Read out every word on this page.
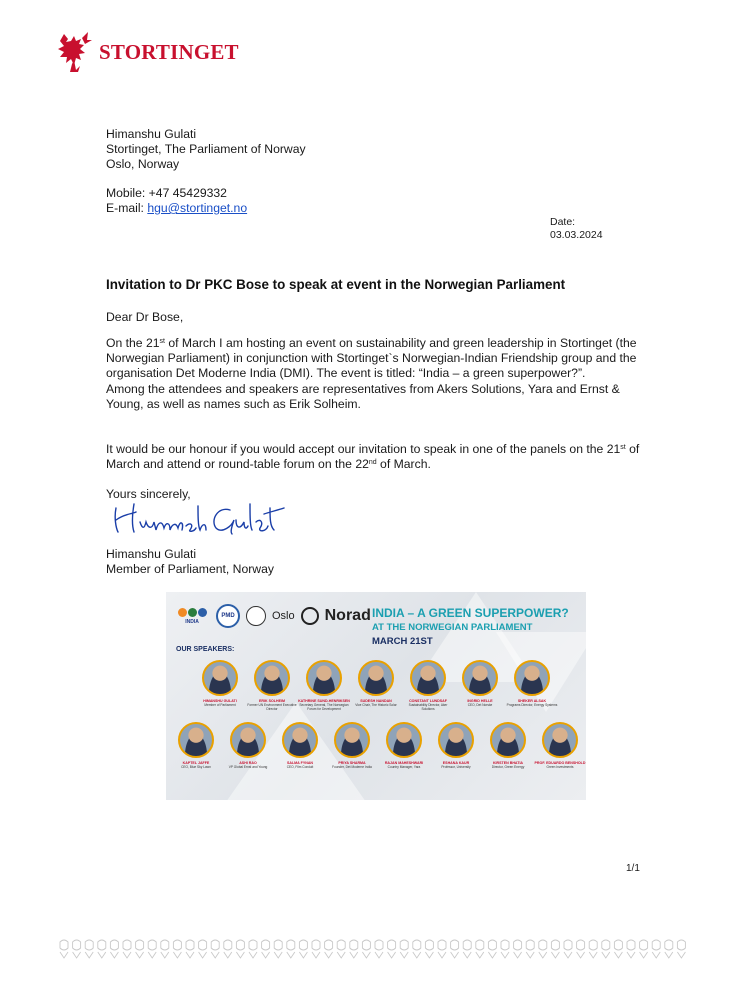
STORTINGET
Himanshu Gulati
Stortinget, The Parliament of Norway
Oslo, Norway
Mobile: +47 45429332
E-mail: hgu@stortinget.no
Date:
03.03.2024
Invitation to Dr PKC Bose to speak at event in the Norwegian Parliament
Dear Dr Bose,
On the 21st of March I am hosting an event on sustainability and green leadership in Stortinget (the Norwegian Parliament) in conjunction with Stortinget`s Norwegian-Indian Friendship group and the organisation Det Moderne India (DMI). The event is titled: “India – a green superpower?”.
Among the attendees and speakers are representatives from Akers Solutions, Yara and Ernst & Young, as well as names such as Erik Solheim.
It would be our honour if you would accept our invitation to speak in one of the panels on the 21st of March and attend or round-table forum on the 22nd of March.
Yours sincerely,
Himanshu Gulati
Member of Parliament, Norway
INDIA
PMD	Oslo Norad INDIA – A GREEN SUPERPOWER?
AT THE NORWEGIAN PARLIAMENT
MARCH 21ST
OUR SPEAKERS:
HIMANSHU GULATI
Member of Parliament
ERIK SOLHEIM
Former UN Environment Executive Director
KATHRINE SUND-HENRIKSEN
Secretary General, The Norwegian Forum for Development
SUDESH NANDAN
Vice Chair, The Historic Solar
CONSTANT LUNDSAF
Sustainability Director, Aker Solutions
INGRID HELLE
CEO, Det Norske
SHEKER ALSAK
Programs Director, Energy Systems
KAPTEL JAFFE
CEO, Blue Sky Lawn
ASHI RAO
VP Global Ernst and Young
SALMA FYNAN
CEO, Film Conduit
PRIYA SHARMA
Founder, Det Moderne India
RAJAN MAHESHWARI
Country Manager, Yara
ESHANA KAUR
Professor, University
KIRSTEN BHATIA
Director, Green Energy
PROF. EDUARDO BENSHOLD
Green Investments
1/1
